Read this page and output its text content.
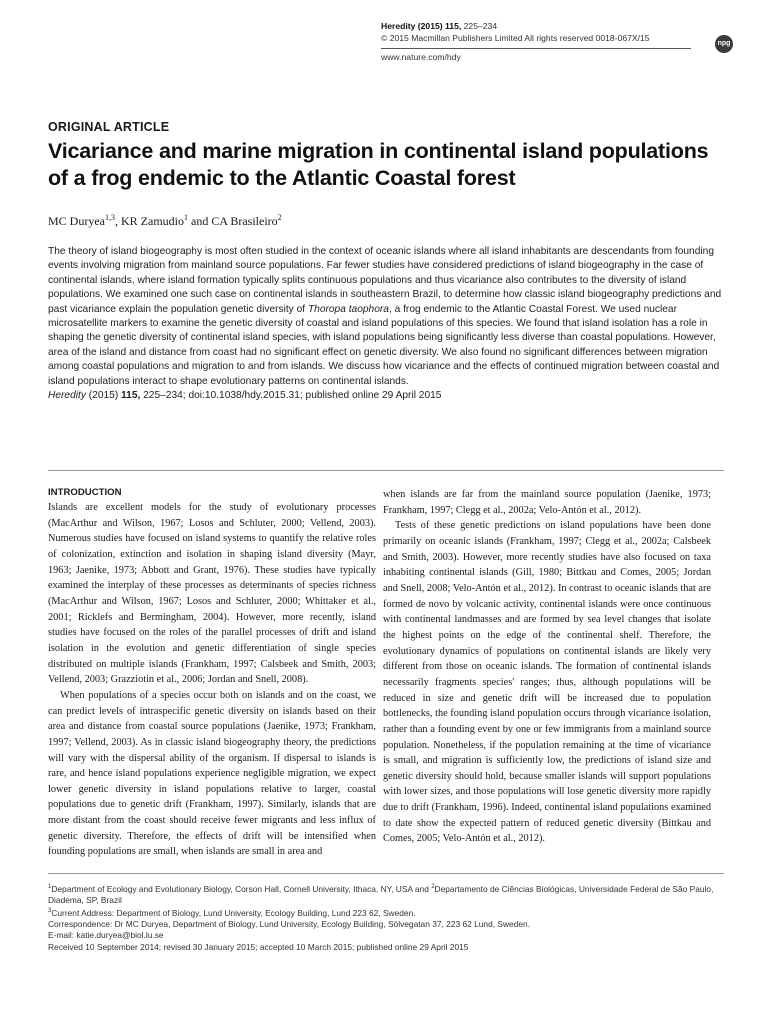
Heredity (2015) 115, 225–234
© 2015 Macmillan Publishers Limited All rights reserved 0018-067X/15
npg
www.nature.com/hdy
ORIGINAL ARTICLE
Vicariance and marine migration in continental island populations of a frog endemic to the Atlantic Coastal forest
MC Duryea$^{1,3}$, KR Zamudio$^1$ and CA Brasileiro$^2$

The theory of island biogeography is most often studied in the context of oceanic islands where all island inhabitants are descendants from founding events involving migration from mainland source populations. Far fewer studies have considered predictions of island biogeography in the case of continental islands, where island formation typically splits continuous populations and thus vicariance also contributes to the diversity of island populations. We examined one such case on continental islands in southeastern Brazil, to determine how classic island biogeography predictions and past vicariance explain the population genetic diversity of Thoropa taophora, a frog endemic to the Atlantic Coastal Forest. We used nuclear microsatellite markers to examine the genetic diversity of coastal and island populations of this species. We found that island isolation has a role in shaping the genetic diversity of continental island species, with island populations being significantly less diverse than coastal populations. However, area of the island and distance from coast had no significant effect on genetic diversity. We also found no significant differences between migration among coastal populations and migration to and from islands. We discuss how vicariance and the effects of continued migration between coastal and island populations interact to shape evolutionary patterns on continental islands.

Heredity (2015) 115, 225–234; doi:10.1038/hdy.2015.31; published online 29 April 2015

INTRODUCTION

Islands are excellent models for the study of evolutionary processes (MacArthur and Wilson, 1967; Losos and Schluter, 2000; Vellend, 2003). Numerous studies have focused on island systems to quantify the relative roles of colonization, extinction and isolation in shaping island diversity (Mayr, 1963; Jaenike, 1973; Abbott and Grant, 1976). These studies have typically examined the interplay of these processes as determinants of species richness (MacArthur and Wilson, 1967; Losos and Schluter, 2000; Whittaker et al., 2001; Ricklefs and Bermingham, 2004). However, more recently, island studies have focused on the roles of the parallel processes of drift and island isolation in the evolution and genetic differentiation of single species distributed on multiple islands (Frankham, 1997; Calsbeek and Smith, 2003; Vellend, 2003; Grazziotin et al., 2006; Jordan and Snell, 2008).

When populations of a species occur both on islands and on the coast, we can predict levels of intraspecific genetic diversity on islands based on their area and distance from coastal source populations (Jaenike, 1973; Frankham, 1997; Vellend, 2003). As in classic island biogeography theory, the predictions will vary with the dispersal ability of the organism. If dispersal to islands is rare, and hence island populations experience negligible migration, we expect lower genetic diversity in island populations relative to larger, coastal populations due to genetic drift (Frankham, 1997). Similarly, islands that are more distant from the coast should receive fewer migrants and less influx of genetic diversity. Therefore, the effects of drift will be intensified when founding populations are small, when islands are small in area and

when islands are far from the mainland source population (Jaenike, 1973; Frankham, 1997; Clegg et al., 2002a; Velo-Antón et al., 2012).

Tests of these genetic predictions on island populations have been done primarily on oceanic islands (Frankham, 1997; Clegg et al., 2002a; Calsbeek and Smith, 2003). However, more recently studies have also focused on taxa inhabiting continental islands (Gill, 1980; Bittkau and Comes, 2005; Jordan and Snell, 2008; Velo-Antón et al., 2012). In contrast to oceanic islands that are formed de novo by volcanic activity, continental islands were once continuous with continental landmasses and are formed by sea level changes that isolate the highest points on the edge of the continental shelf. Therefore, the evolutionary dynamics of populations on continental islands are likely very different from those on oceanic islands. The formation of continental islands necessarily fragments species' ranges; thus, although populations will be reduced in size and genetic drift will be increased due to population bottlenecks, the founding island population occurs through vicariance isolation, rather than a founding event by one or few immigrants from a mainland source population. Nonetheless, if the population remaining at the time of vicariance is small, and migration is sufficiently low, the predictions of island size and genetic diversity should hold, because smaller islands will support populations with lower sizes, and those populations will lose genetic diversity more rapidly due to drift (Frankham, 1996). Indeed, continental island populations examined to date show the expected pattern of reduced genetic diversity (Bittkau and Comes, 2005; Velo-Antón et al., 2012).

$^1$Department of Ecology and Evolutionary Biology, Corson Hall, Cornell University, Ithaca, NY, USA and $^2$Departamento de Ciências Biológicas, Universidade Federal de São Paulo, Diadema, SP, Brazil

$^3$Current Address: Department of Biology, Lund University, Ecology Building, Lund 223 62, Sweden.

Correspondence: Dr MC Duryea, Department of Biology, Lund University, Ecology Building, Sölvegatan 37, 223 62 Lund, Sweden.

E-mail: katie.duryea@biol.lu.se

Received 10 September 2014; revised 30 January 2015; accepted 10 March 2015; published online 29 April 2015
